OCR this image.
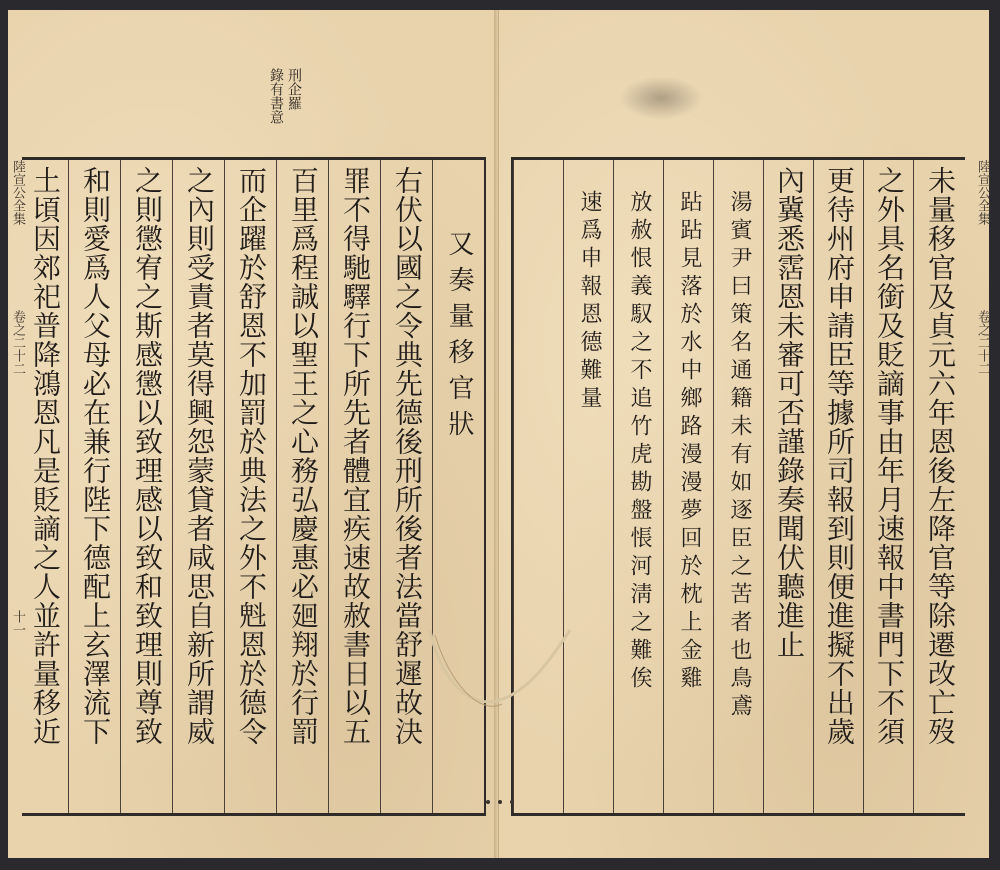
刑企羅
錄有書意
又奏量移官狀
右伏以國之令典先德後刑所後者法當舒遲故決
罪不得馳驛行下所先者體宜疾速故赦書日以五
百里爲程誠以聖王之心務弘慶惠必廻翔於行罰
而企躍於舒恩不加罰於典法之外不𣁽恩於德令
之內則受責者莫得興怨蒙貸者咸思自新所謂威
之則懲宥之斯感懲以致理感以致和致理則尊致
和則愛爲人父母必在兼行陛下德配上玄澤流下
土頃因郊祀普降鴻恩凡是貶謫之人並許量移近
陸宣公全集
卷之二十二
十一	未量移官及貞元六年恩後左降官等除遷改亡歿
之外具名銜及貶謫事由年月速報中書門下不須
更待州府申請臣等據所司報到則便進擬不出歲
內冀悉霑恩未審可否謹錄奏聞伏聽進止
湯賓尹曰策名通籍未有如逐臣之苦者也鳥鳶
跕跕見落於水中鄉路漫漫夢回於枕上金雞
放赦恨義馭之不追竹虎勘盤悵河淸之難俟
速爲申報恩德難量	陸宣公全集
卷之二十二
